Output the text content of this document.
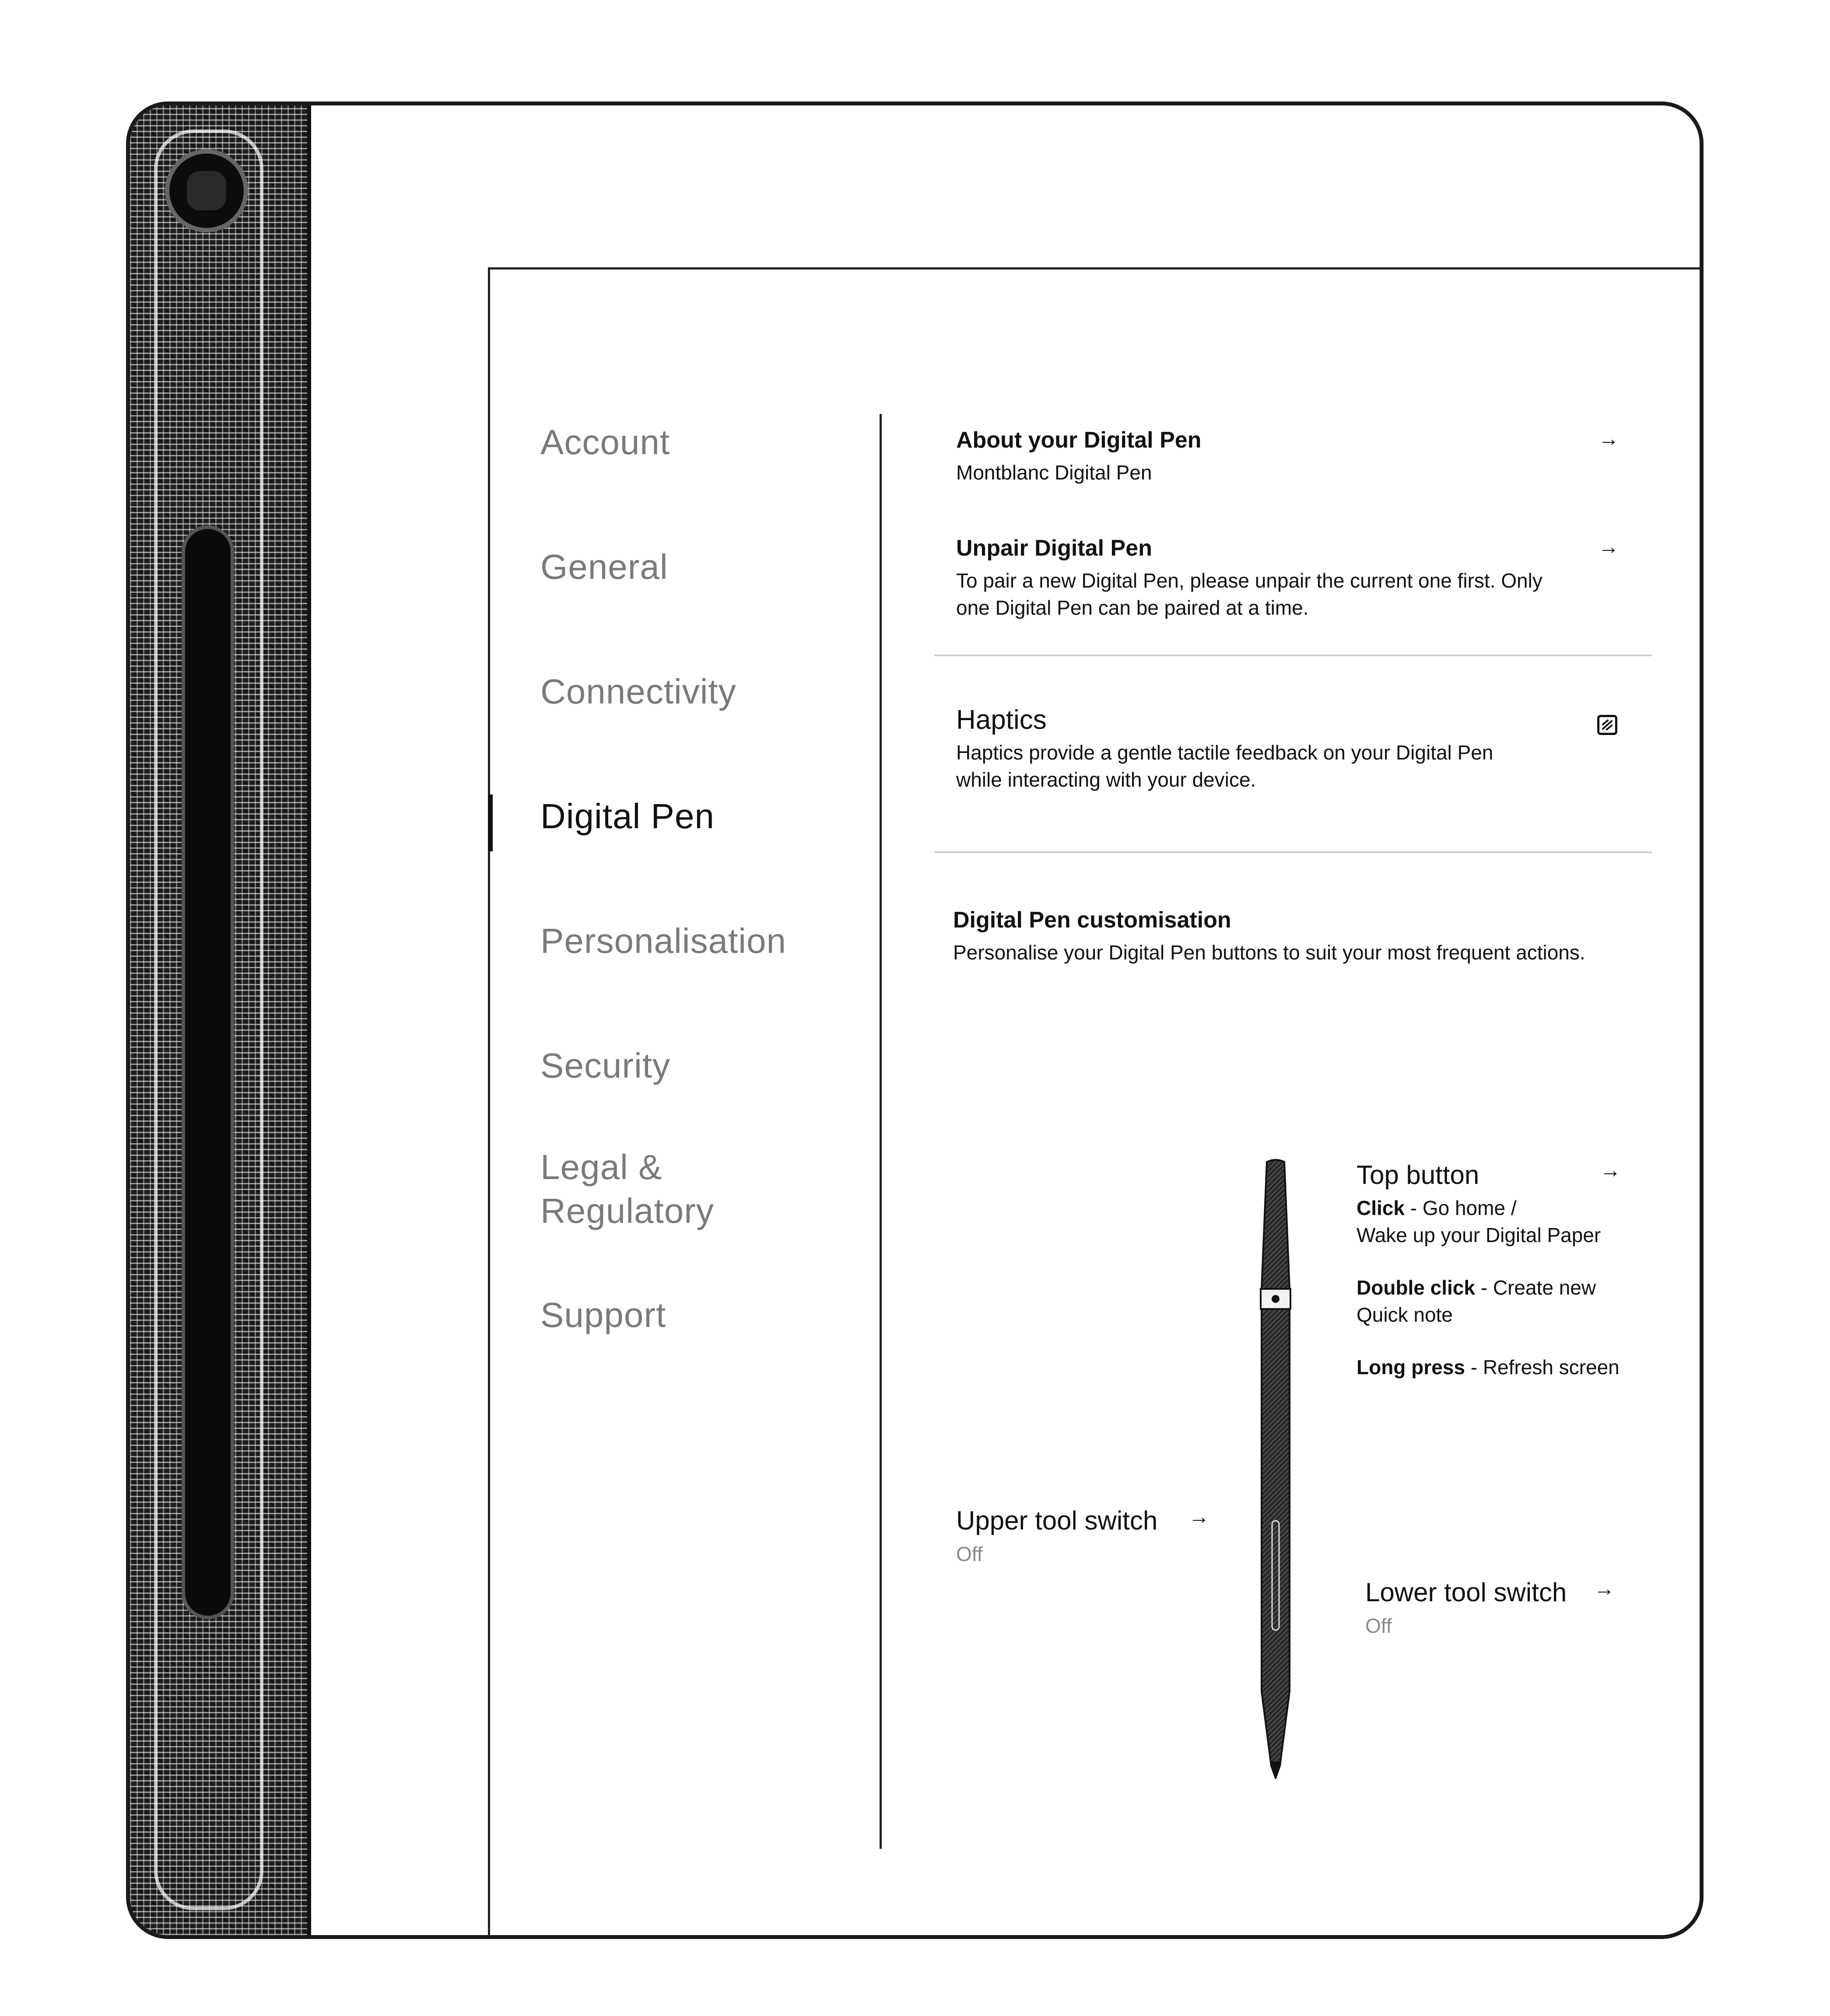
Account
General
Connectivity
Digital Pen
Personalisation
Security
Legal &
Regulatory
Support
About your Digital Pen
Montblanc Digital Pen
→
Unpair Digital Pen
To pair a new Digital Pen, please unpair the current one first. Only
one Digital Pen can be paired at a time.
→
Haptics
Haptics provide a gentle tactile feedback on your Digital Pen
while interacting with your device.
Digital Pen customisation
Personalise your Digital Pen buttons to suit your most frequent actions.
Top button
Click - Go home /
Wake up your Digital Paper
Double click - Create new
Quick note
Long press - Refresh screen
→
Upper tool switch
Off
→
Lower tool switch
Off
→
